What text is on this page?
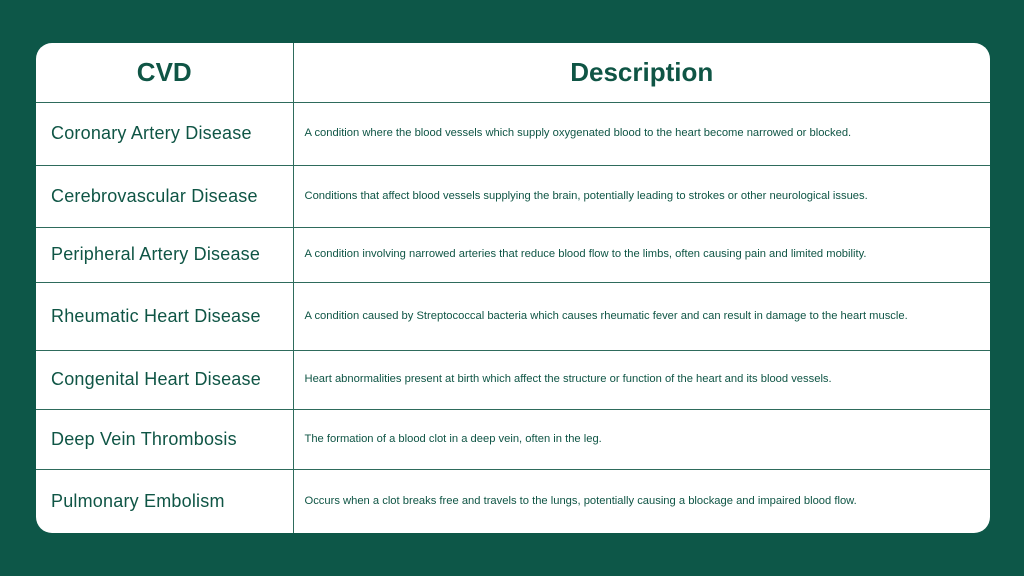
CVD	Description
Coronary Artery Disease	A condition where the blood vessels which supply oxygenated blood to the heart become narrowed or blocked.
Cerebrovascular Disease	Conditions that affect blood vessels supplying the brain, potentially leading to strokes or other neurological issues.
Peripheral Artery Disease	A condition involving narrowed arteries that reduce blood flow to the limbs, often causing pain and limited mobility.
Rheumatic Heart Disease	A condition caused by Streptococcal bacteria which causes rheumatic fever and can result in damage to the heart muscle.
Congenital Heart Disease	Heart abnormalities present at birth which affect the structure or function of the heart and its blood vessels.
Deep Vein Thrombosis	The formation of a blood clot in a deep vein, often in the leg.
Pulmonary Embolism	Occurs when a clot breaks free and travels to the lungs, potentially causing a blockage and impaired blood flow.
